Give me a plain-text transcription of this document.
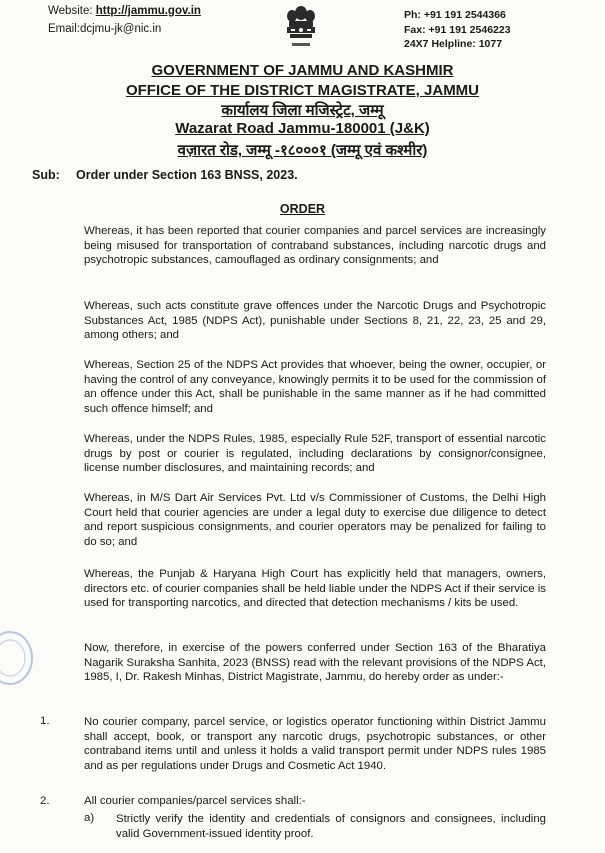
Website: http://jammu.gov.in
Email:dcjmu-jk@nic.in
Ph: +91 191 2544366
Fax: +91 191 2546223
24X7 Helpline: 1077
GOVERNMENT OF JAMMU AND KASHMIR
OFFICE OF THE DISTRICT MAGISTRATE, JAMMU
कार्यालय जिला मजिस्ट्रेट, जम्मू
Wazarat Road Jammu-180001 (J&K)
वज़ारत रोड, जम्मू -१८०००१ (जम्मू एवं कश्मीर)
Sub: Order under Section 163 BNSS, 2023.
ORDER
Whereas, it has been reported that courier companies and parcel services are increasingly being misused for transportation of contraband substances, including narcotic drugs and psychotropic substances, camouflaged as ordinary consignments; and
Whereas, such acts constitute grave offences under the Narcotic Drugs and Psychotropic Substances Act, 1985 (NDPS Act), punishable under Sections 8, 21, 22, 23, 25 and 29, among others; and
Whereas, Section 25 of the NDPS Act provides that whoever, being the owner, occupier, or having the control of any conveyance, knowingly permits it to be used for the commission of an offence under this Act, shall be punishable in the same manner as if he had committed such offence himself; and
Whereas, under the NDPS Rules, 1985, especially Rule 52F, transport of essential narcotic drugs by post or courier is regulated, including declarations by consignor/consignee, license number disclosures, and maintaining records; and
Whereas, in M/S Dart Air Services Pvt. Ltd v/s Commissioner of Customs, the Delhi High Court held that courier agencies are under a legal duty to exercise due diligence to detect and report suspicious consignments, and courier operators may be penalized for failing to do so; and
Whereas, the Punjab & Haryana High Court has explicitly held that managers, owners, directors etc. of courier companies shall be held liable under the NDPS Act if their service is used for transporting narcotics, and directed that detection mechanisms / kits be used.
Now, therefore, in exercise of the powers conferred under Section 163 of the Bharatiya Nagarik Suraksha Sanhita, 2023 (BNSS) read with the relevant provisions of the NDPS Act, 1985, I, Dr. Rakesh Minhas, District Magistrate, Jammu, do hereby order as under:-
1.	No courier company, parcel service, or logistics operator functioning within District Jammu shall accept, book, or transport any narcotic drugs, psychotropic substances, or other contraband items until and unless it holds a valid transport permit under NDPS rules 1985 and as per regulations under Drugs and Cosmetic Act 1940.
2.	All courier companies/parcel services shall:-
a) Strictly verify the identity and credentials of consignors and consignees, including valid Government-issued identity proof.
